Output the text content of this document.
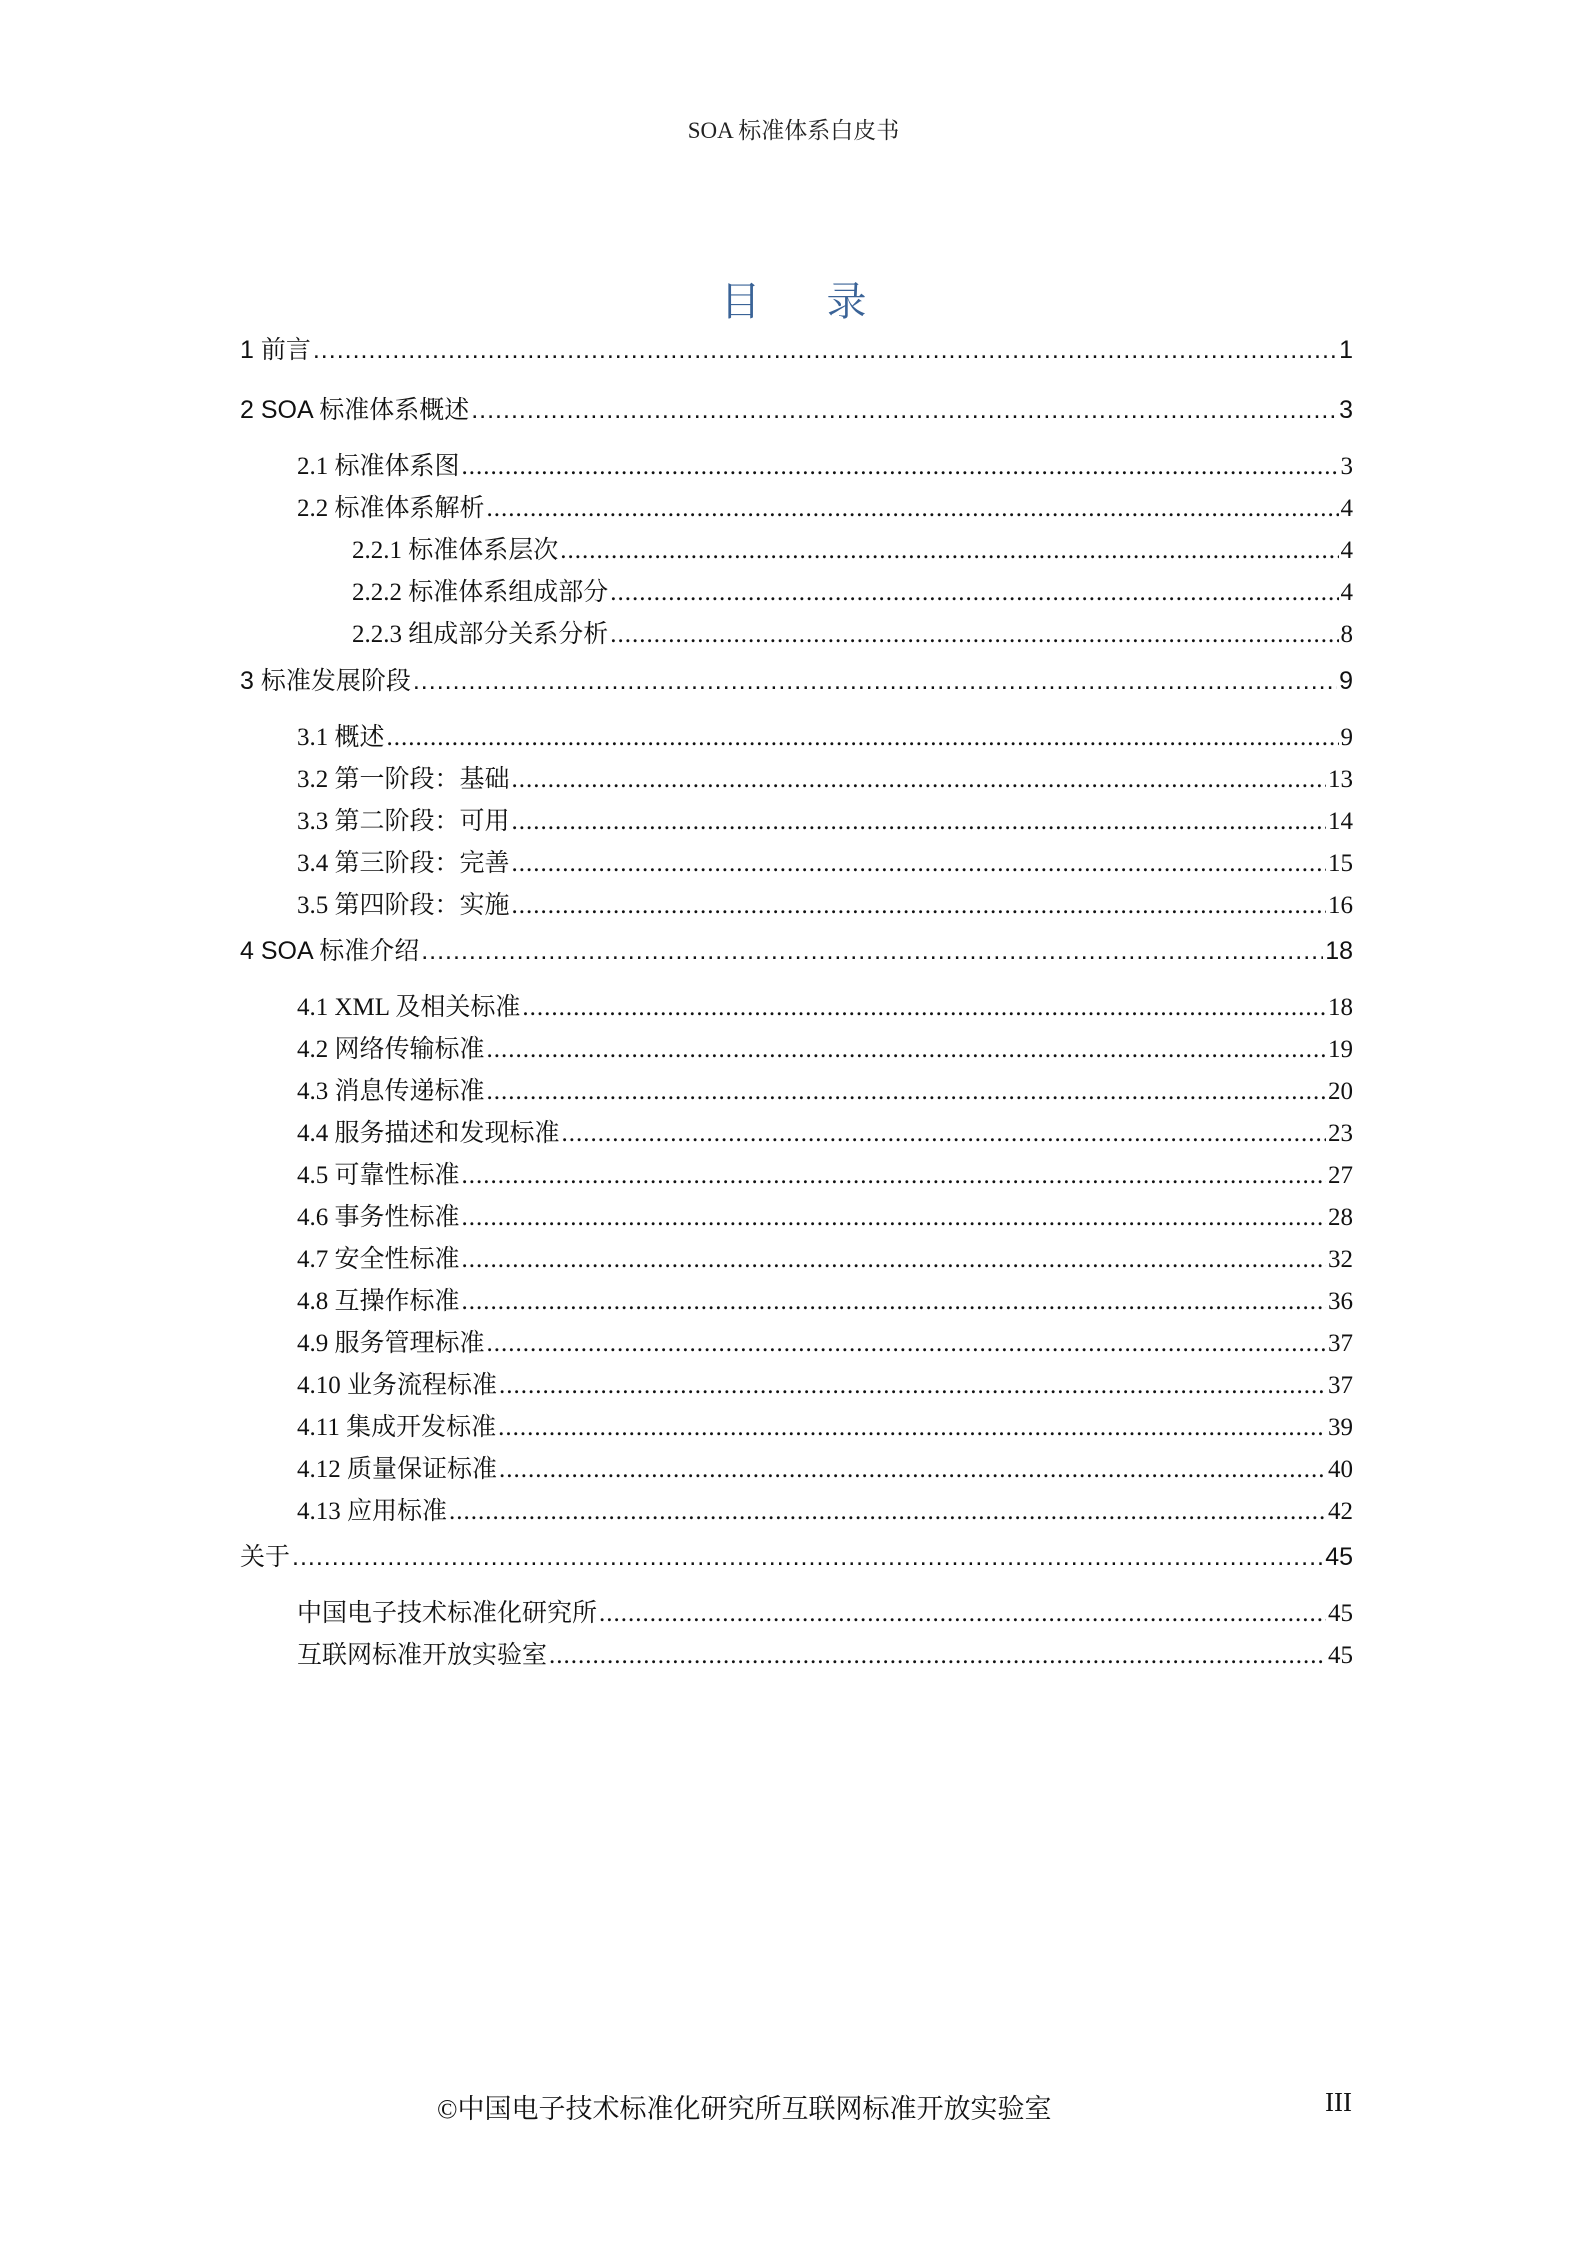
SOA 标准体系白皮书
目 录
1 前言 .....	1
2 SOA 标准体系概述 .....	3
2.1 标准体系图 .....	3
2.2 标准体系解析 .....	4
2.2.1 标准体系层次 .....	4
2.2.2 标准体系组成部分 .....	4
2.2.3 组成部分关系分析 .....	8
3 标准发展阶段 .....	9
3.1 概述 .....	9
3.2 第一阶段：基础 .....	13
3.3 第二阶段：可用 .....	14
3.4 第三阶段：完善 .....	15
3.5 第四阶段：实施 .....	16
4 SOA 标准介绍 .....	18
4.1 XML 及相关标准 .....	18
4.2 网络传输标准 .....	19
4.3 消息传递标准 .....	20
4.4 服务描述和发现标准 .....	23
4.5 可靠性标准 .....	27
4.6 事务性标准 .....	28
4.7 安全性标准 .....	32
4.8 互操作标准 .....	36
4.9 服务管理标准 .....	37
4.10 业务流程标准 .....	37
4.11 集成开发标准 .....	39
4.12 质量保证标准 .....	40
4.13 应用标准 .....	42
关于 .....	45
中国电子技术标准化研究所 .....	45
互联网标准开放实验室 .....	45
©中国电子技术标准化研究所互联网标准开放实验室	III
